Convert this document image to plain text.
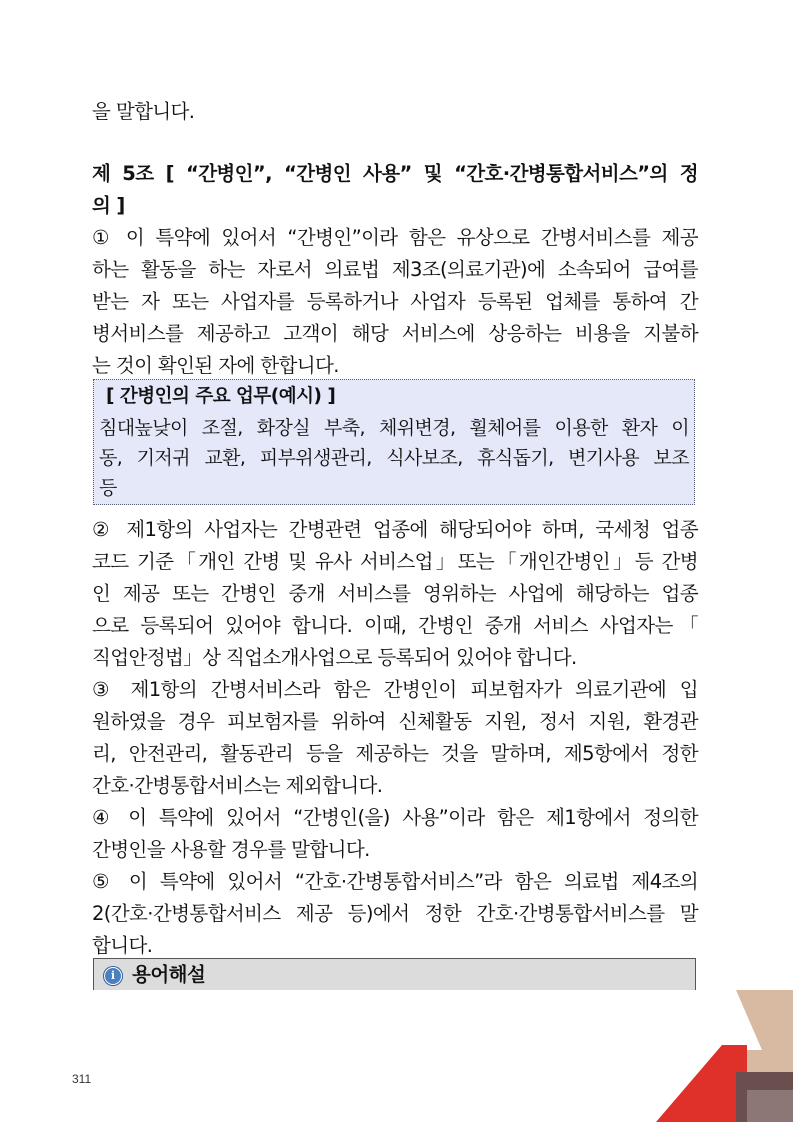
을 말합니다.
제 5조 [ “간병인”, “간병인 사용” 및 “간호·간병통합서비스”의 정
의 ]
① 이 특약에 있어서 “간병인”이라 함은 유상으로 간병서비스를 제공
하는 활동을 하는 자로서 의료법 제3조(의료기관)에 소속되어 급여를
받는 자 또는 사업자를 등록하거나 사업자 등록된 업체를 통하여 간
병서비스를 제공하고 고객이 해당 서비스에 상응하는 비용을 지불하
는 것이 확인된 자에 한합니다.
[ 간병인의 주요 업무(예시) ]
침대높낮이 조절, 화장실 부축, 체위변경, 휠체어를 이용한 환자 이
동, 기저귀 교환, 피부위생관리, 식사보조, 휴식돕기, 변기사용 보조
등
② 제1항의 사업자는 간병관련 업종에 해당되어야 하며, 국세청 업종
코드 기준「개인 간병 및 유사 서비스업」또는「개인간병인」등 간병
인 제공 또는 간병인 중개 서비스를 영위하는 사업에 해당하는 업종
으로 등록되어 있어야 합니다. 이때, 간병인 중개 서비스 사업자는「
직업안정법」상 직업소개사업으로 등록되어 있어야 합니다.
③ 제1항의 간병서비스라 함은 간병인이 피보험자가 의료기관에 입
원하였을 경우 피보험자를 위하여 신체활동 지원, 정서 지원, 환경관
리, 안전관리, 활동관리 등을 제공하는 것을 말하며, 제5항에서 정한
간호·간병통합서비스는 제외합니다.
④ 이 특약에 있어서 “간병인(을) 사용”이라 함은 제1항에서 정의한
간병인을 사용할 경우를 말합니다.
⑤ 이 특약에 있어서 “간호·간병통합서비스”라 함은 의료법 제4조의
2(간호·간병통합서비스 제공 등)에서 정한 간호·간병통합서비스를 말
합니다.
i 용어해설
311
